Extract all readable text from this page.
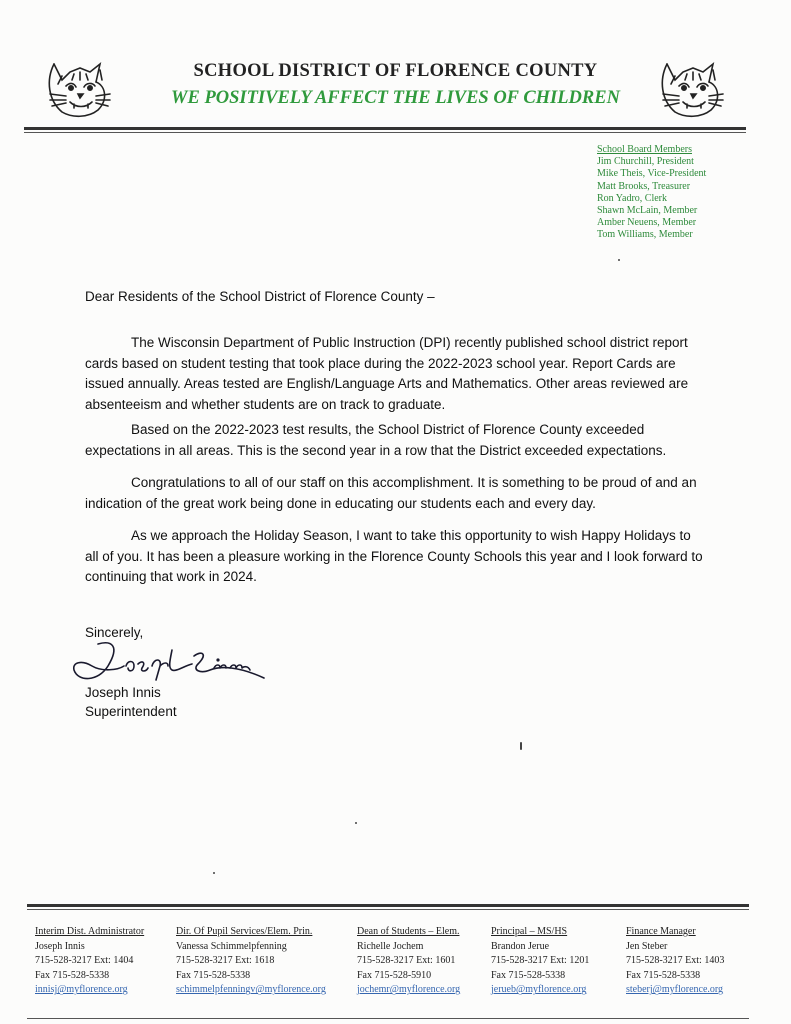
SCHOOL DISTRICT OF FLORENCE COUNTY
WE POSITIVELY AFFECT THE LIVES OF CHILDREN
School Board Members
Jim Churchill, President
Mike Theis, Vice-President
Matt Brooks, Treasurer
Ron Yadro, Clerk
Shawn McLain, Member
Amber Neuens, Member
Tom Williams, Member
Dear Residents of the School District of Florence County –

The Wisconsin Department of Public Instruction (DPI) recently published school district report cards based on student testing that took place during the 2022-2023 school year. Report Cards are issued annually. Areas tested are English/Language Arts and Mathematics. Other areas reviewed are absenteeism and whether students are on track to graduate.

Based on the 2022-2023 test results, the School District of Florence County exceeded expectations in all areas. This is the second year in a row that the District exceeded expectations.

Congratulations to all of our staff on this accomplishment. It is something to be proud of and an indication of the great work being done in educating our students each and every day.

As we approach the Holiday Season, I want to take this opportunity to wish Happy Holidays to all of you. It has been a pleasure working in the Florence County Schools this year and I look forward to continuing that work in 2024.

Sincerely,
Joseph Innis
Superintendent
Interim Dist. Administrator
Joseph Innis
715-528-3217 Ext: 1404
Fax 715-528-5338
innisj@myflorence.org
Dir. Of Pupil Services/Elem. Prin.
Vanessa Schimmelpfenning
715-528-3217 Ext: 1618
Fax 715-528-5338
schimmelpfenningv@myflorence.org
Dean of Students – Elem.
Richelle Jochem
715-528-3217 Ext: 1601
Fax 715-528-5910
jochemr@myflorence.org
Principal – MS/HS
Brandon Jerue
715-528-3217 Ext: 1201
Fax 715-528-5338
jerueb@myflorence.org
Finance Manager
Jen Steber
715-528-3217 Ext: 1403
Fax 715-528-5338
steberj@myflorence.org
